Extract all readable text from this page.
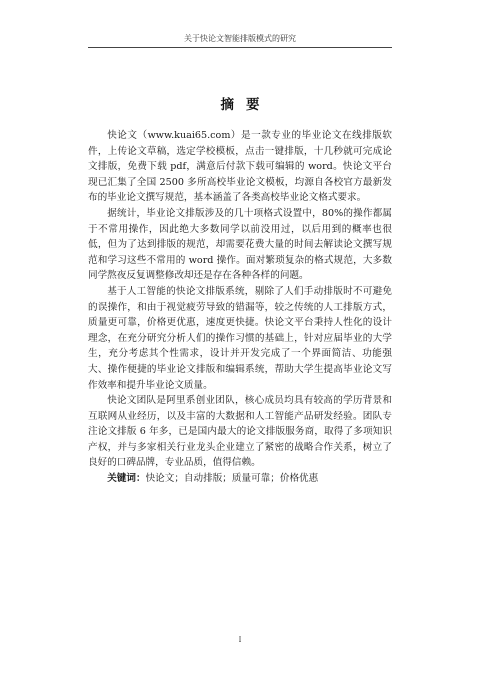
关于快论文智能排版模式的研究
摘要

快论文（www.kuai65.com）是一款专业的毕业论文在线排版软件，上传论文草稿，选定学校模板，点击一键排版，十几秒就可完成论文排版，免费下载 pdf，满意后付款下载可编辑的 word。快论文平台现已汇集了全国 2500 多所高校毕业论文模板，均源自各校官方最新发布的毕业论文撰写规范，基本涵盖了各类高校毕业论文格式要求。

据统计，毕业论文排版涉及的几十项格式设置中，80%的操作都属于不常用操作，因此绝大多数同学以前没用过，以后用到的概率也很低，但为了达到排版的规范，却需要花费大量的时间去解读论文撰写规范和学习这些不常用的 word 操作。面对繁琐复杂的格式规范，大多数同学熬夜反复调整修改却还是存在各种各样的问题。

基于人工智能的快论文排版系统，剔除了人们手动排版时不可避免的误操作，和由于视觉疲劳导致的错漏等，较之传统的人工排版方式，质量更可靠，价格更优惠，速度更快捷。快论文平台秉持人性化的设计理念，在充分研究分析人们的操作习惯的基础上，针对应届毕业的大学生，充分考虑其个性需求，设计并开发完成了一个界面简洁、功能强大、操作便捷的毕业论文排版和编辑系统，帮助大学生提高毕业论文写作效率和提升毕业论文质量。

快论文团队是阿里系创业团队，核心成员均具有较高的学历背景和互联网从业经历，以及丰富的大数据和人工智能产品研发经验。团队专注论文排版 6 年多，已是国内最大的论文排版服务商，取得了多项知识产权，并与多家相关行业龙头企业建立了紧密的战略合作关系，树立了良好的口碑品牌，专业品质，值得信赖。

关键词：快论文；自动排版；质量可靠；价格优惠

I
